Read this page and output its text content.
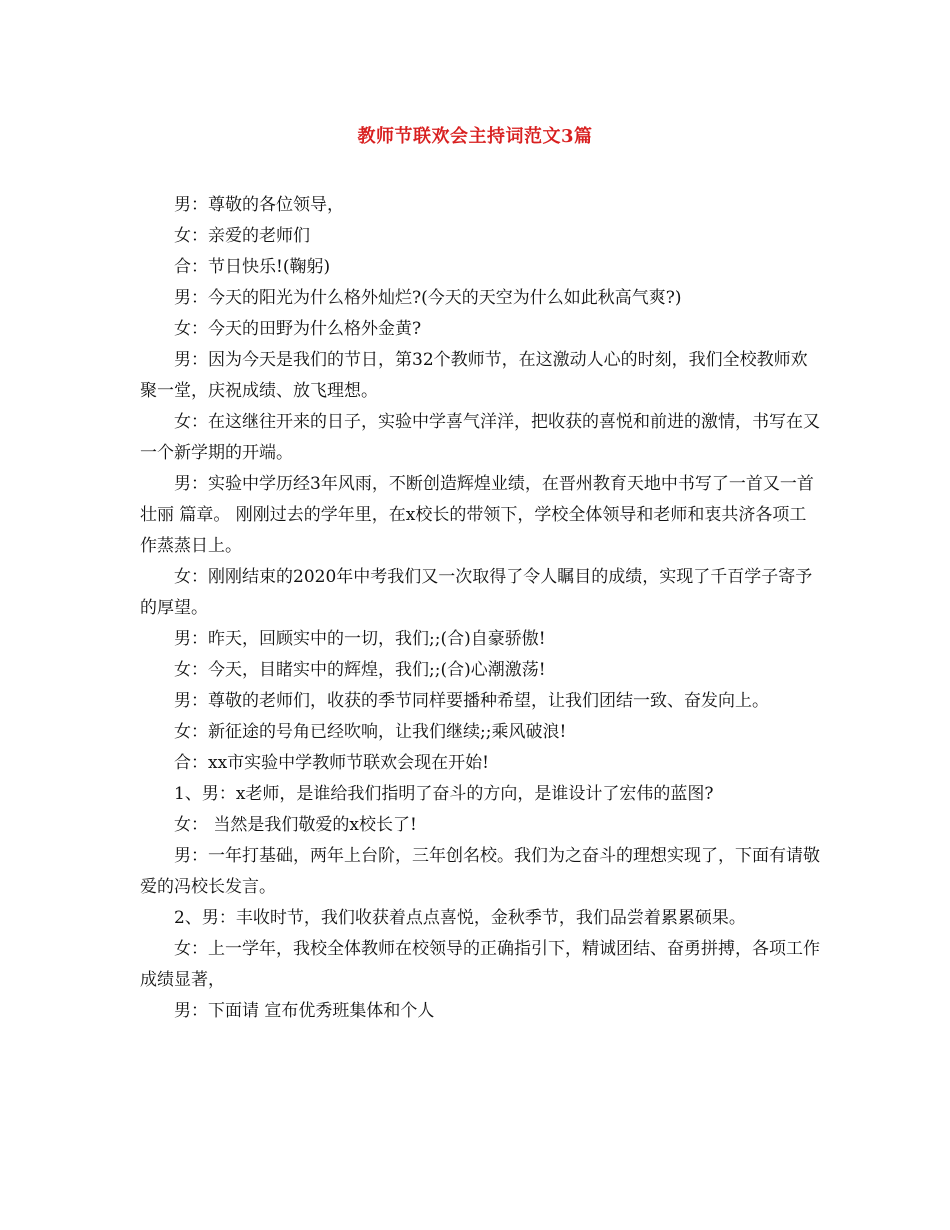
教师节联欢会主持词范文3篇

男：尊敬的各位领导，

女：亲爱的老师们

合：节日快乐!(鞠躬)

男：今天的阳光为什么格外灿烂?(今天的天空为什么如此秋高气爽?)

女：今天的田野为什么格外金黄?

男：因为今天是我们的节日，第32个教师节，在这激动人心的时刻，我们全校教师欢聚一堂，庆祝成绩、放飞理想。

女：在这继往开来的日子，实验中学喜气洋洋，把收获的喜悦和前进的激情，书写在又一个新学期的开端。

男：实验中学历经3年风雨，不断创造辉煌业绩，在晋州教育天地中书写了一首又一首壮丽 篇章。 刚刚过去的学年里，在x校长的带领下，学校全体领导和老师和衷共济各项工作蒸蒸日上。

女：刚刚结束的2020年中考我们又一次取得了令人瞩目的成绩，实现了千百学子寄予的厚望。

男：昨天，回顾实中的一切，我们;;(合)自豪骄傲!

女：今天，目睹实中的辉煌，我们;;(合)心潮激荡!

男：尊敬的老师们，收获的季节同样要播种希望，让我们团结一致、奋发向上。

女：新征途的号角已经吹响，让我们继续;;乘风破浪!

合：xx市实验中学教师节联欢会现在开始!

1、男：x老师，是谁给我们指明了奋斗的方向，是谁设计了宏伟的蓝图?

女： 当然是我们敬爱的x校长了!

男：一年打基础，两年上台阶，三年创名校。我们为之奋斗的理想实现了，下面有请敬爱的冯校长发言。

2、男：丰收时节，我们收获着点点喜悦，金秋季节，我们品尝着累累硕果。

女：上一学年，我校全体教师在校领导的正确指引下，精诚团结、奋勇拼搏，各项工作成绩显著，

男：下面请 宣布优秀班集体和个人
